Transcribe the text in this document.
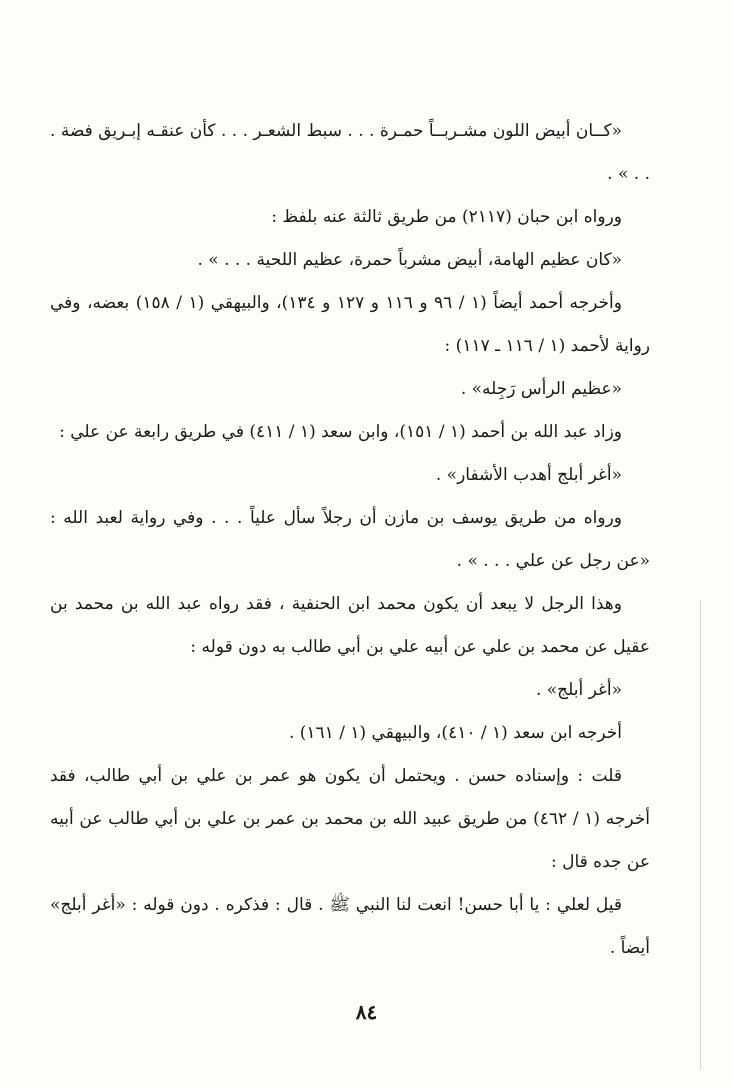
«كــان أبيض اللون مشـربــاً حمـرة . . . سبط الشعـر . . . كأن عنقـه إبـريق فضة . . . » .

ورواه ابن حبان (٢١١٧) من طريق ثالثة عنه بلفظ :

«كان عظيم الهامة، أبيض مشرباً حمرة، عظيم اللحية . . . » .

وأخرجه أحمد أيضاً (١ / ٩٦ و ١١٦ و ١٢٧ و ١٣٤)، والبيهقي (١ / ١٥٨) بعضه، وفي رواية لأحمد (١ / ١١٦ ـ ١١٧) :

«عظيم الرأس رَجِله» .

وزاد عبد الله بن أحمد (١ / ١٥١)، وابن سعد (١ / ٤١١) في طريق رابعة عن علي :

«أغر أبلج أهدب الأشفار» .

ورواه من طريق يوسف بن مازن أن رجلاً سأل علياً . . . وفي رواية لعبد الله : «عن رجل عن علي . . . » .

وهذا الرجل لا يبعد أن يكون محمد ابن الحنفية ، فقد رواه عبد الله بن محمد بن عقيل عن محمد بن علي عن أبيه علي بن أبي طالب به دون قوله :

«أغر أبلج» .

أخرجه ابن سعد (١ / ٤١٠)، والبيهقي (١ / ١٦١) .

قلت : وإسناده حسن . ويحتمل أن يكون هو عمر بن علي بن أبي طالب، فقد أخرجه (١ / ٤٦٢) من طريق عبيد الله بن محمد بن عمر بن علي بن أبي طالب عن أبيه عن جده قال :

قيل لعلي : يا أبا حسن! انعت لنا النبي ﷺ . قال : فذكره . دون قوله : «أغر أبلج» أيضاً .

٨٤
